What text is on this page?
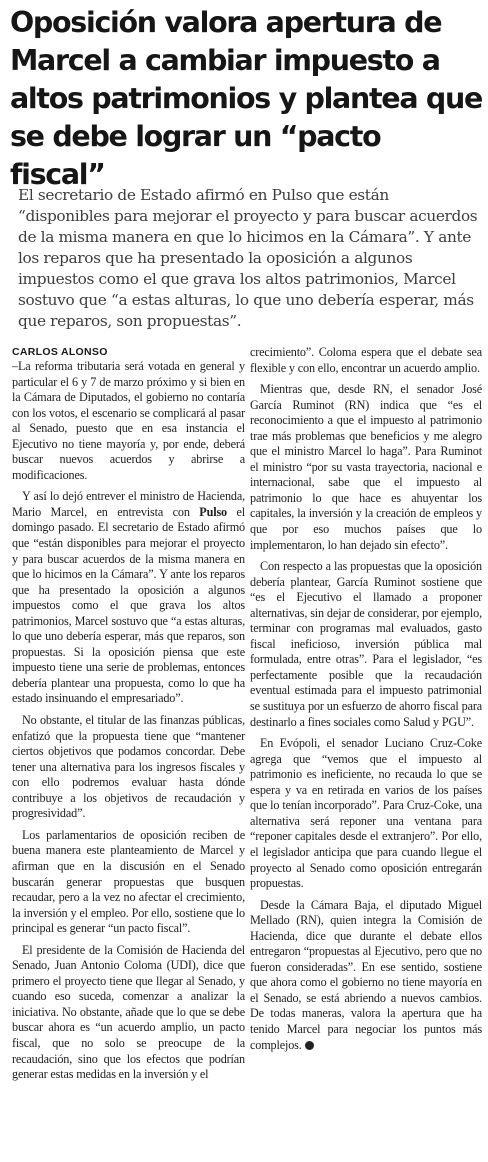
Oposición valora apertura de Marcel a cambiar impuesto a altos patrimonios y plantea que se debe lograr un “pacto fiscal”

El secretario de Estado afirmó en Pulso que están “disponibles para mejorar el proyecto y para buscar acuerdos de la misma manera en que lo hicimos en la Cámara”. Y ante los reparos que ha presentado la oposición a algunos impuestos como el que grava los altos patrimonios, Marcel sostuvo que “a estas alturas, lo que uno debería esperar, más que reparos, son propuestas”.

CARLOS ALONSO

–La reforma tributaria será votada en general y particular el 6 y 7 de marzo próximo y si bien en la Cámara de Diputados, el gobierno no contaría con los votos, el escenario se complicará al pasar al Senado, puesto que en esa instancia el Ejecutivo no tiene mayoría y, por ende, deberá buscar nuevos acuerdos y abrirse a modificaciones.

Y así lo dejó entrever el ministro de Hacienda, Mario Marcel, en entrevista con Pulso el domingo pasado. El secretario de Estado afirmó que “están disponibles para mejorar el proyecto y para buscar acuerdos de la misma manera en que lo hicimos en la Cámara”. Y ante los reparos que ha presentado la oposición a algunos impuestos como el que grava los altos patrimonios, Marcel sostuvo que “a estas alturas, lo que uno debería esperar, más que reparos, son propuestas. Si la oposición piensa que este impuesto tiene una serie de problemas, entonces debería plantear una propuesta, como lo que ha estado insinuando el empresariado”.

No obstante, el titular de las finanzas públicas, enfatizó que la propuesta tiene que “mantener ciertos objetivos que podamos concordar. Debe tener una alternativa para los ingresos fiscales y con ello podremos evaluar hasta dónde contribuye a los objetivos de recaudación y progresividad”.

Los parlamentarios de oposición reciben de buena manera este planteamiento de Marcel y afirman que en la discusión en el Senado buscarán generar propuestas que busquen recaudar, pero a la vez no afectar el crecimiento, la inversión y el empleo. Por ello, sostiene que lo principal es generar “un pacto fiscal”.

El presidente de la Comisión de Hacienda del Senado, Juan Antonio Coloma (UDI), dice que primero el proyecto tiene que llegar al Senado, y cuando eso suceda, comenzar a analizar la iniciativa. No obstante, añade que lo que se debe buscar ahora es “un acuerdo amplio, un pacto fiscal, que no solo se preocupe de la recaudación, sino que los efectos que podrían generar estas medidas en la inversión y el

crecimiento”. Coloma espera que el debate sea flexible y con ello, encontrar un acuerdo amplio.

Mientras que, desde RN, el senador José García Ruminot (RN) indica que “es el reconocimiento a que el impuesto al patrimonio trae más problemas que beneficios y me alegro que el ministro Marcel lo haga”. Para Ruminot el ministro “por su vasta trayectoria, nacional e internacional, sabe que el impuesto al patrimonio lo que hace es ahuyentar los capitales, la inversión y la creación de empleos y que por eso muchos países que lo implementaron, lo han dejado sin efecto”.

Con respecto a las propuestas que la oposición debería plantear, García Ruminot sostiene que “es el Ejecutivo el llamado a proponer alternativas, sin dejar de considerar, por ejemplo, terminar con programas mal evaluados, gasto fiscal ineficioso, inversión pública mal formulada, entre otras”. Para el legislador, “es perfectamente posible que la recaudación eventual estimada para el impuesto patrimonial se sustituya por un esfuerzo de ahorro fiscal para destinarlo a fines sociales como Salud y PGU”.

En Evópoli, el senador Luciano Cruz-Coke agrega que “vemos que el impuesto al patrimonio es ineficiente, no recauda lo que se espera y va en retirada en varios de los países que lo tenían incorporado”. Para Cruz-Coke, una alternativa será reponer una ventana para “reponer capitales desde el extranjero”. Por ello, el legislador anticipa que para cuando llegue el proyecto al Senado como oposición entregarán propuestas.

Desde la Cámara Baja, el diputado Miguel Mellado (RN), quien integra la Comisión de Hacienda, dice que durante el debate ellos entregaron “propuestas al Ejecutivo, pero que no fueron consideradas”. En ese sentido, sostiene que ahora como el gobierno no tiene mayoría en el Senado, se está abriendo a nuevos cambios. De todas maneras, valora la apertura que ha tenido Marcel para negociar los puntos más complejos.
